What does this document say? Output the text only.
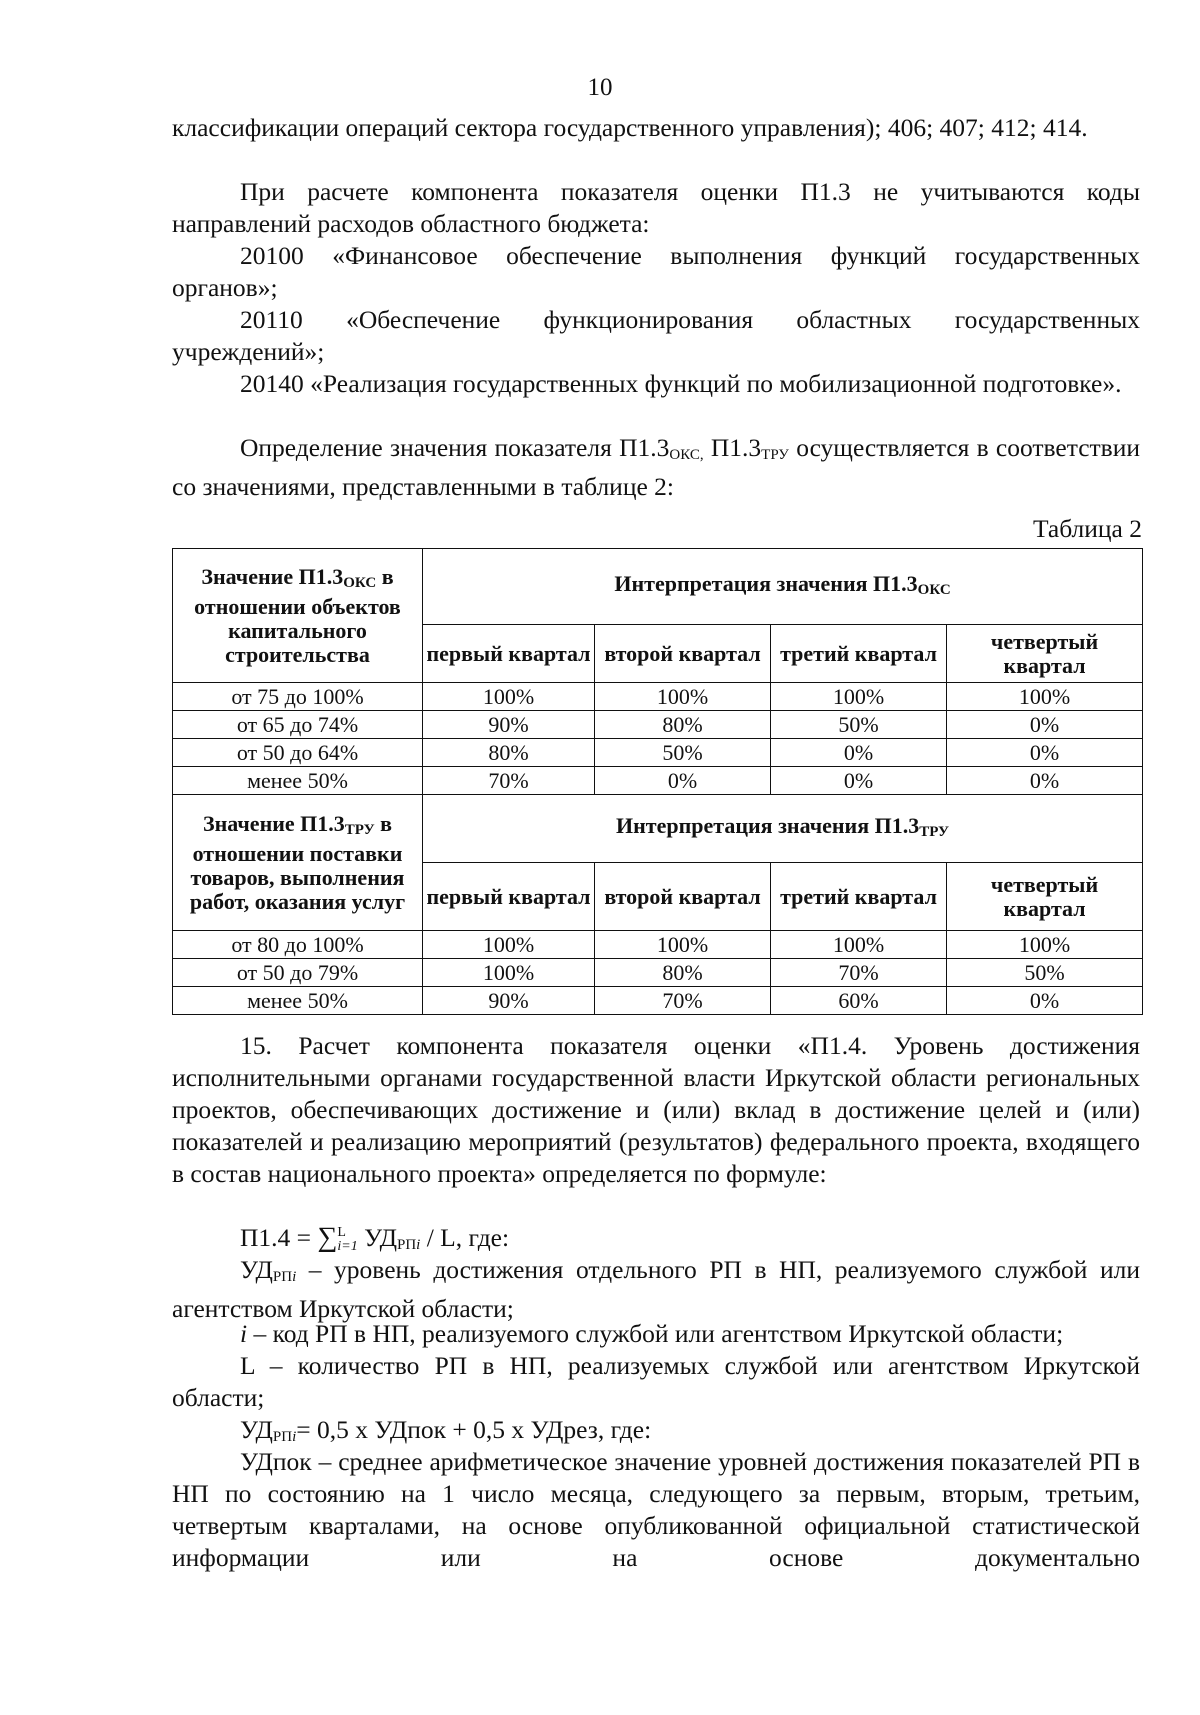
10
классификации операций сектора государственного управления); 406; 407; 412; 414.
При расчете компонента показателя оценки П1.3 не учитываются коды направлений расходов областного бюджета:
20100 «Финансовое обеспечение выполнения функций государственных органов»;
20110 «Обеспечение функционирования областных государственных учреждений»;
20140 «Реализация государственных функций по мобилизационной подготовке».
Определение значения показателя $П1.3_{ОКС,}$ $П1.3_{ТРУ}$ осуществляется в соответствии со значениями, представленными в таблице 2:
Таблица 2
Значение $П1.3_{ОКС}$ в отношении объектов капитального строительства	Интерпретация значения $П1.3_{ОКС}$
	первый квартал	второй квартал	третий квартал	четвертый квартал
от 75 до 100%	100%	100%	100%	100%
от 65 до 74%	90%	80%	50%	0%
от 50 до 64%	80%	50%	0%	0%
менее 50%	70%	0%	0%	0%
Значение $П1.3_{ТРУ}$ в отношении поставки товаров, выполнения работ, оказания услуг	Интерпретация значения $П1.3_{ТРУ}$
	первый квартал	второй квартал	третий квартал	четвертый квартал
от 80 до 100%	100%	100%	100%	100%
от 50 до 79%	100%	80%	70%	50%
менее 50%	90%	70%	60%	0%
15. Расчет компонента показателя оценки «П1.4. Уровень достижения исполнительными органами государственной власти Иркутской области региональных проектов, обеспечивающих достижение и (или) вклад в достижение целей и (или) показателей и реализацию мероприятий (результатов) федерального проекта, входящего в состав национального проекта» определяется по формуле:
П1.4 = ∑ L
i=1 $УД_{РПi}$ / L, где:
$УД_{РПi}$ – уровень достижения отдельного РП в НП, реализуемого службой или агентством Иркутской области;
i – код РП в НП, реализуемого службой или агентством Иркутской области;
L – количество РП в НП, реализуемых службой или агентством Иркутской области;
$УД_{РПi}= 0,5$ х УДпок + 0,5 х УДрез, где:
УДпок – среднее арифметическое значение уровней достижения показателей РП в НП по состоянию на 1 число месяца, следующего за первым, вторым, третьим, четвертым кварталами, на основе опубликованной официальной статистической информации или на основе документально
